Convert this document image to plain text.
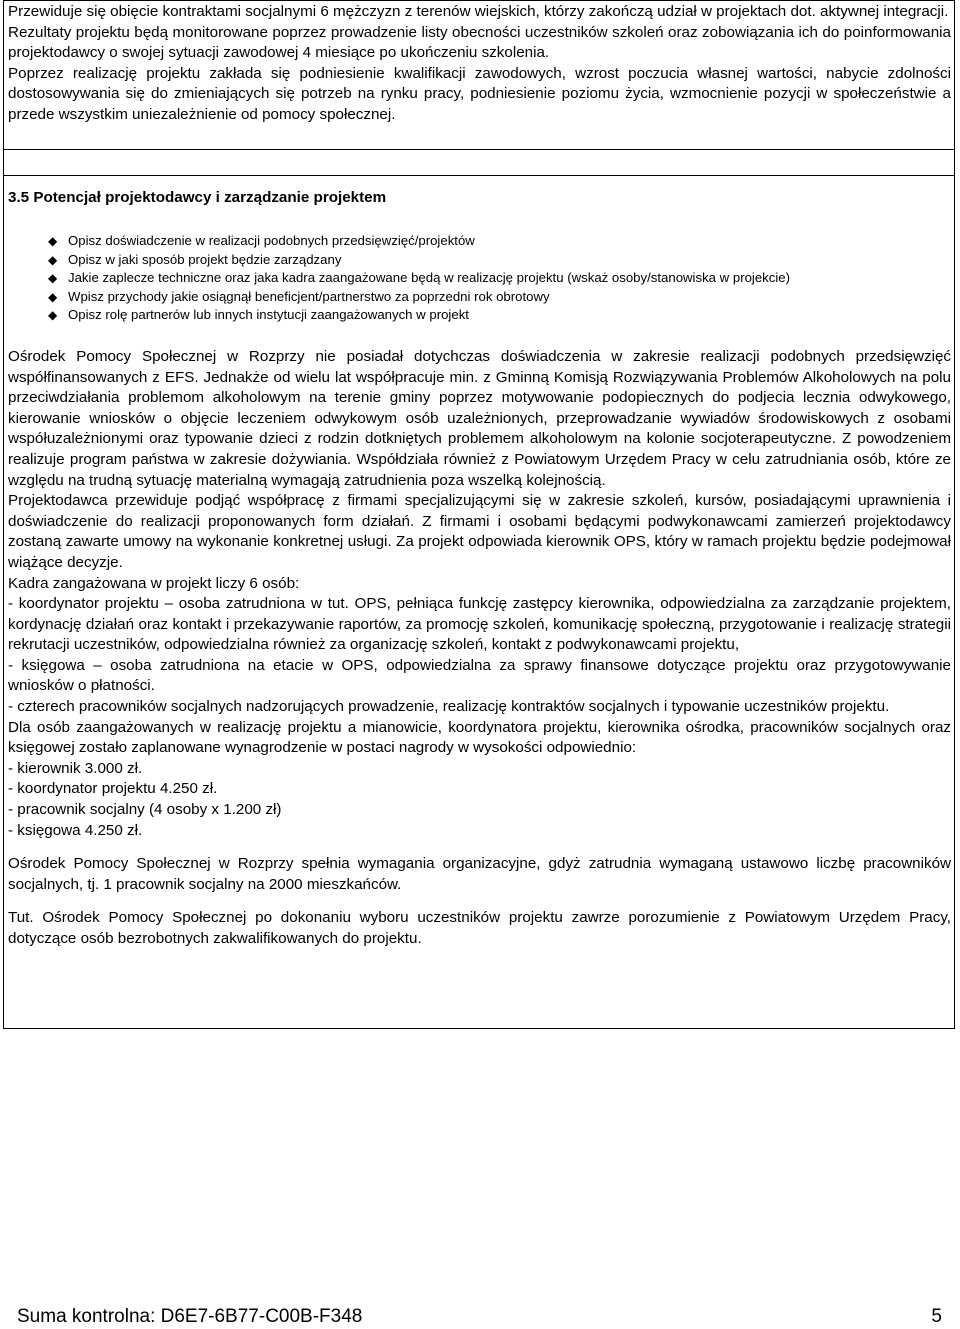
Przewiduje się obięcie kontraktami socjalnymi 6 mężczyzn z terenów wiejskich, którzy zakończą udział w projektach dot. aktywnej integracji.

Rezultaty projektu będą monitorowane poprzez prowadzenie listy obecności uczestników szkoleń oraz zobowiązania ich do poinformowania projektodawcy o swojej sytuacji zawodowej 4 miesiące po ukończeniu szkolenia.

Poprzez realizację projektu zakłada się podniesienie kwalifikacji zawodowych, wzrost poczucia własnej wartości, nabycie zdolności dostosowywania się do zmieniających się potrzeb na rynku pracy, podniesienie poziomu życia, wzmocnienie pozycji w społeczeństwie a przede wszystkim uniezależnienie od pomocy społecznej.

3.5 Potencjał projektodawcy i zarządzanie projektem
◆ Opisz doświadczenie w realizacji podobnych przedsięwzięć/projektów
◆ Opisz w jaki sposób projekt będzie zarządzany
◆ Jakie zaplecze techniczne oraz jaka kadra zaangażowane będą w realizację projektu (wskaż osoby/stanowiska w projekcie)
◆ Wpisz przychody jakie osiągnął beneficjent/partnerstwo za poprzedni rok obrotowy
◆ Opisz rolę partnerów lub innych instytucji zaangażowanych w projekt

Ośrodek Pomocy Społecznej w Rozprzy nie posiadał dotychczas doświadczenia w zakresie realizacji podobnych przedsięwzięć współfinansowanych z EFS. Jednakże od wielu lat współpracuje min. z Gminną Komisją Rozwiązywania Problemów Alkoholowych na polu przeciwdziałania problemom alkoholowym na terenie gminy poprzez motywowanie podopiecznych do podjecia lecznia odwykowego, kierowanie wniosków o objęcie leczeniem odwykowym osób uzależnionych, przeprowadzanie wywiadów środowiskowych z osobami współuzależnionymi oraz typowanie dzieci z rodzin dotkniętych problemem alkoholowym na kolonie socjoterapeutyczne. Z powodzeniem realizuje program państwa w zakresie dożywiania. Współdziała również z Powiatowym Urzędem Pracy w celu zatrudniania osób, które ze względu na trudną sytuację materialną wymagają zatrudnienia poza wszelką kolejnością.

Projektodawca przewiduje podjąć współpracę z firmami specjalizującymi się w zakresie szkoleń, kursów, posiadającymi uprawnienia i doświadczenie do realizacji proponowanych form działań. Z firmami i osobami będącymi podwykonawcami zamierzeń projektodawcy zostaną zawarte umowy na wykonanie konkretnej usługi. Za projekt odpowiada kierownik OPS, który w ramach projektu będzie podejmował wiążące decyzje.

Kadra zangażowana w projekt liczy 6 osób:

- koordynator projektu – osoba zatrudniona w tut. OPS, pełniąca funkcję zastępcy kierownika, odpowiedzialna za zarządzanie projektem, kordynację działań oraz kontakt i przekazywanie raportów, za promocję szkoleń, komunikację społeczną, przygotowanie i realizację strategii rekrutacji uczestników, odpowiedzialna również za organizację szkoleń, kontakt z podwykonawcami projektu,

- księgowa – osoba zatrudniona na etacie w OPS, odpowiedzialna za sprawy finansowe dotyczące projektu oraz przygotowywanie wniosków o płatności.

- czterech pracowników socjalnych nadzorujących prowadzenie, realizację kontraktów socjalnych i typowanie uczestników projektu.

Dla osób zaangażowanych w realizację projektu a mianowicie, koordynatora projektu, kierownika ośrodka, pracowników socjalnych oraz księgowej zostało zaplanowane wynagrodzenie w postaci nagrody w wysokości odpowiednio:

- kierownik 3.000 zł.

- koordynator projektu 4.250 zł.

- pracownik socjalny (4 osoby x 1.200 zł)

- księgowa 4.250 zł.

Ośrodek Pomocy Społecznej w Rozprzy spełnia wymagania organizacyjne, gdyż zatrudnia wymaganą ustawowo liczbę pracowników socjalnych, tj. 1 pracownik socjalny na 2000 mieszkańców.

Tut. Ośrodek Pomocy Społecznej po dokonaniu wyboru uczestników projektu zawrze porozumienie z Powiatowym Urzędem Pracy, dotyczące osób bezrobotnych zakwalifikowanych do projektu.

Suma kontrolna: D6E7-6B77-C00B-F348	5
